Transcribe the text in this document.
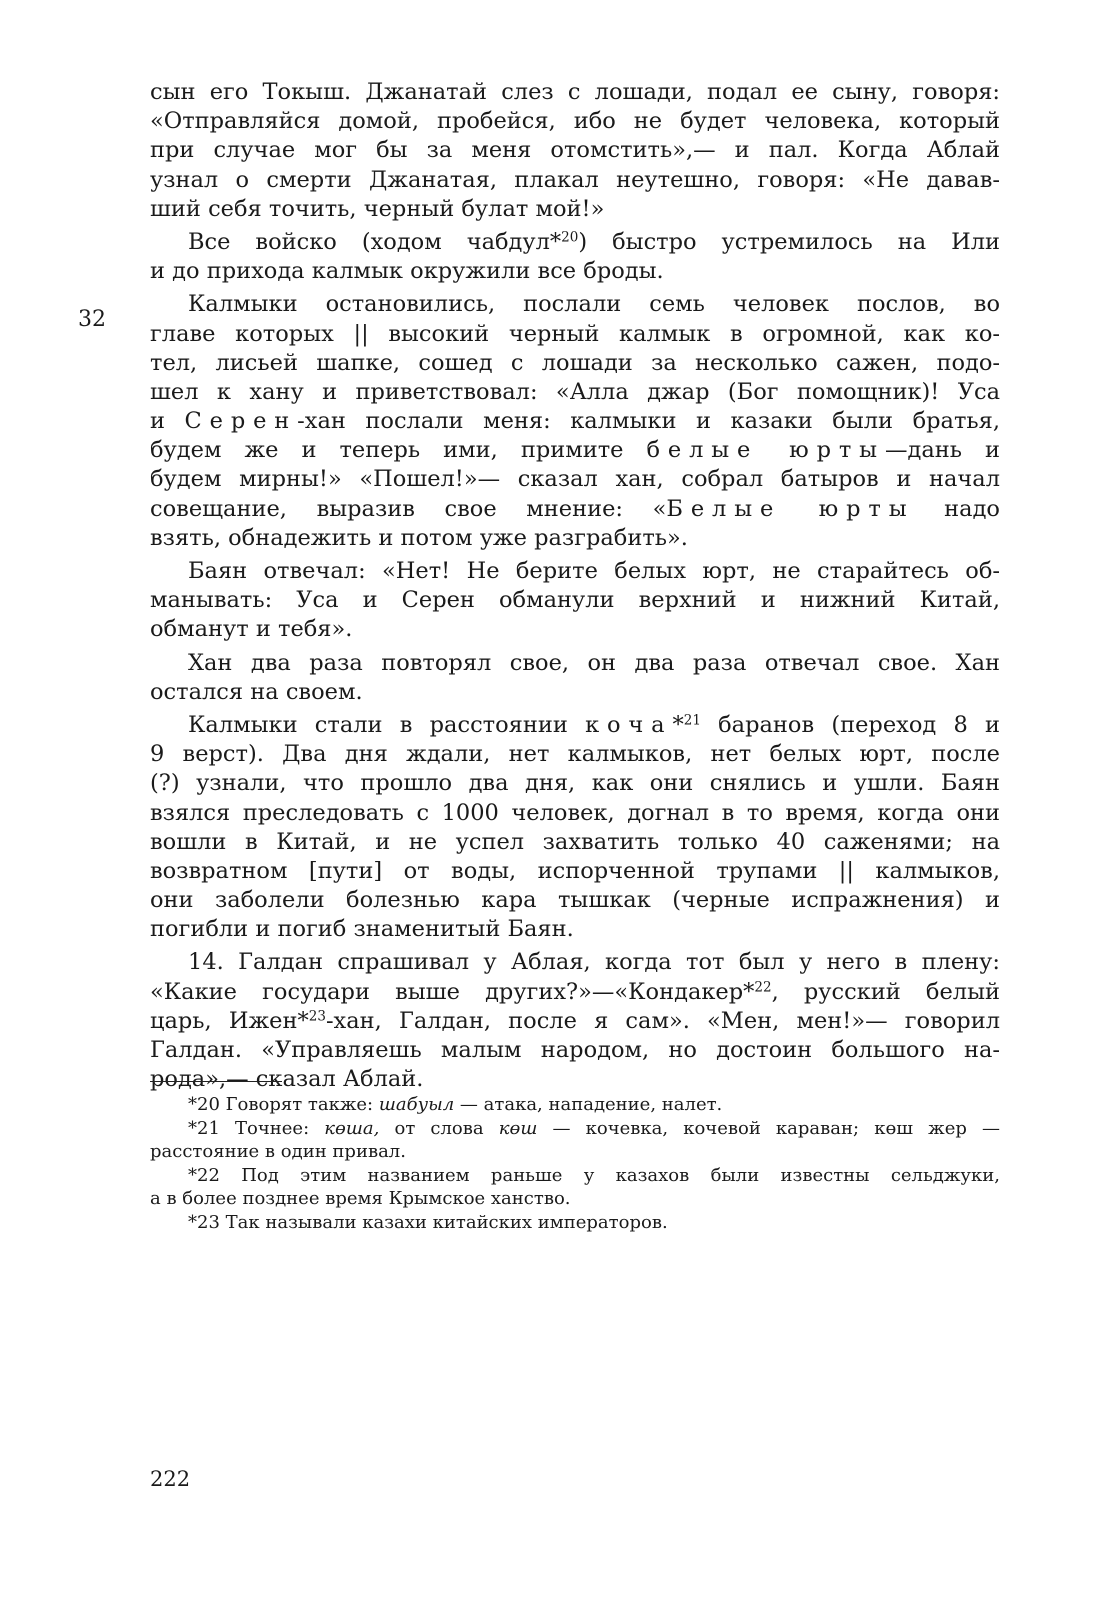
32
сын его Токыш. Джанатай слез с лошади, подал ее сыну, говоря:
«Отправляйся домой, пробейся, ибо не будет человека, который
при случае мог бы за меня отомстить»,— и пал. Когда Аблай
узнал о смерти Джанатая, плакал неутешно, говоря: «Не давав-
ший себя точить, черный булат мой!»
Все войско (ходом чабдул*$^{20}$) быстро устремилось на Или
и до прихода калмык окружили все броды.
Калмыки остановились, послали семь человек послов, во
главе которых || высокий черный калмык в огромной, как ко-
тел, лисьей шапке, сошед с лошади за несколько сажен, подо-
шел к хану и приветствовал: «Алла джар (Бог помощник)! Уса
и Серен-хан послали меня: калмыки и казаки были братья,
будем же и теперь ими, примите белые юрты—дань и
будем мирны!» «Пошел!»— сказал хан, собрал батыров и начал
совещание, выразив свое мнение: «Белые юрты надо
взять, обнадежить и потом уже разграбить».
Баян отвечал: «Нет! Не берите белых юрт, не старайтесь об-
манывать: Уса и Серен обманули верхний и нижний Китай,
обманут и тебя».
Хан два раза повторял свое, он два раза отвечал свое. Хан
остался на своем.
Калмыки стали в расстоянии коча*$^{21}$ баранов (переход 8 и
9 верст). Два дня ждали, нет калмыков, нет белых юрт, после
(?) узнали, что прошло два дня, как они снялись и ушли. Баян
взялся преследовать с 1000 человек, догнал в то время, когда они
вошли в Китай, и не успел захватить только 40 саженями; на
возвратном [пути] от воды, испорченной трупами || калмыков,
они заболели болезнью кара тышкак (черные испражнения) и
погибли и погиб знаменитый Баян.
14. Галдан спрашивал у Аблая, когда тот был у него в плену:
«Какие государи выше других?»—«Кондакер*$^{22}$, русский белый
царь, Ижен*$^{23}$-хан, Галдан, после я сам». «Мен, мен!»— говорил
Галдан. «Управляешь малым народом, но достоин большого на-
рода»,— сказал Аблай.
*20 Говорят также: шабуыл — атака, нападение, налет.
*21 Точнее: көша, от слова көш — кочевка, кочевой караван; көш жер —
расстояние в один привал.
*22 Под этим названием раньше у казахов были известны сельджуки,
а в более позднее время Крымское ханство.
*23 Так называли казахи китайских императоров.
222
